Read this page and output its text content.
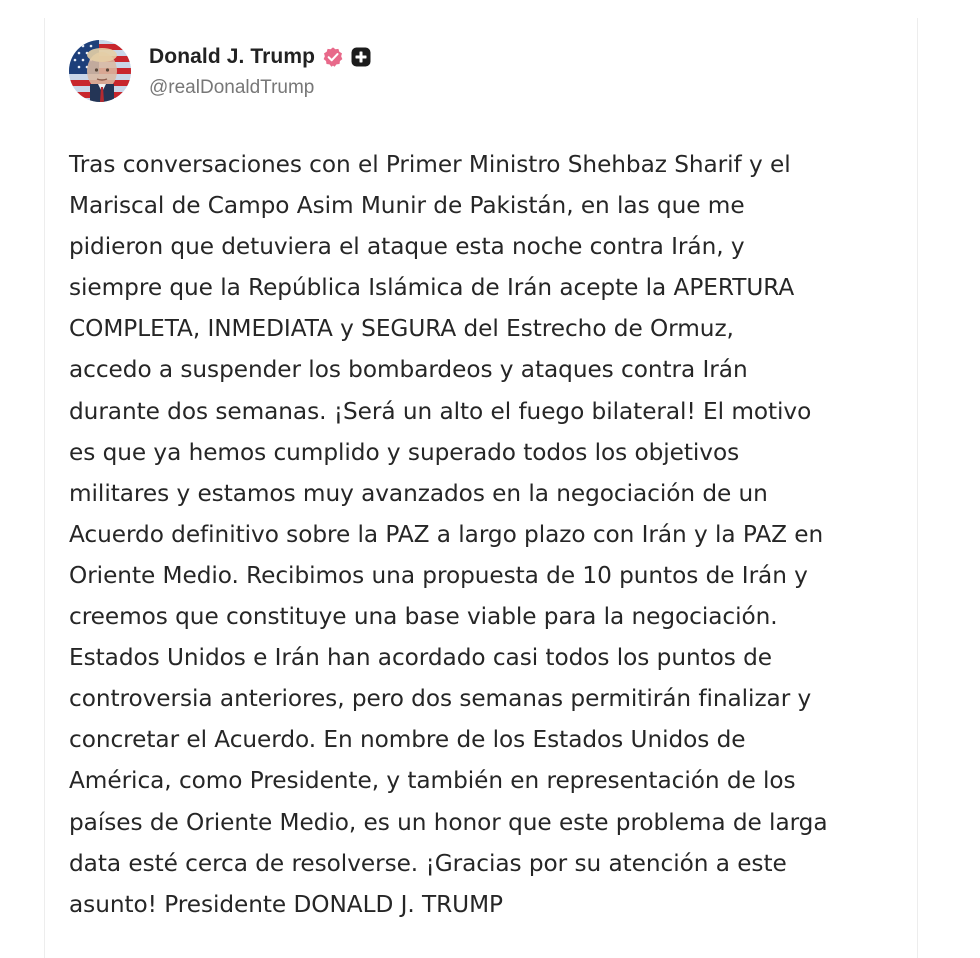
Donald J. Trump
@realDonaldTrump

Tras conversaciones con el Primer Ministro Shehbaz Sharif y el
Mariscal de Campo Asim Munir de Pakistán, en las que me
pidieron que detuviera el ataque esta noche contra Irán, y
siempre que la República Islámica de Irán acepte la APERTURA
COMPLETA, INMEDIATA y SEGURA del Estrecho de Ormuz,
accedo a suspender los bombardeos y ataques contra Irán
durante dos semanas. ¡Será un alto el fuego bilateral! El motivo
es que ya hemos cumplido y superado todos los objetivos
militares y estamos muy avanzados en la negociación de un
Acuerdo definitivo sobre la PAZ a largo plazo con Irán y la PAZ en
Oriente Medio. Recibimos una propuesta de 10 puntos de Irán y
creemos que constituye una base viable para la negociación.
Estados Unidos e Irán han acordado casi todos los puntos de
controversia anteriores, pero dos semanas permitirán finalizar y
concretar el Acuerdo. En nombre de los Estados Unidos de
América, como Presidente, y también en representación de los
países de Oriente Medio, es un honor que este problema de larga
data esté cerca de resolverse. ¡Gracias por su atención a este
asunto! Presidente DONALD J. TRUMP
